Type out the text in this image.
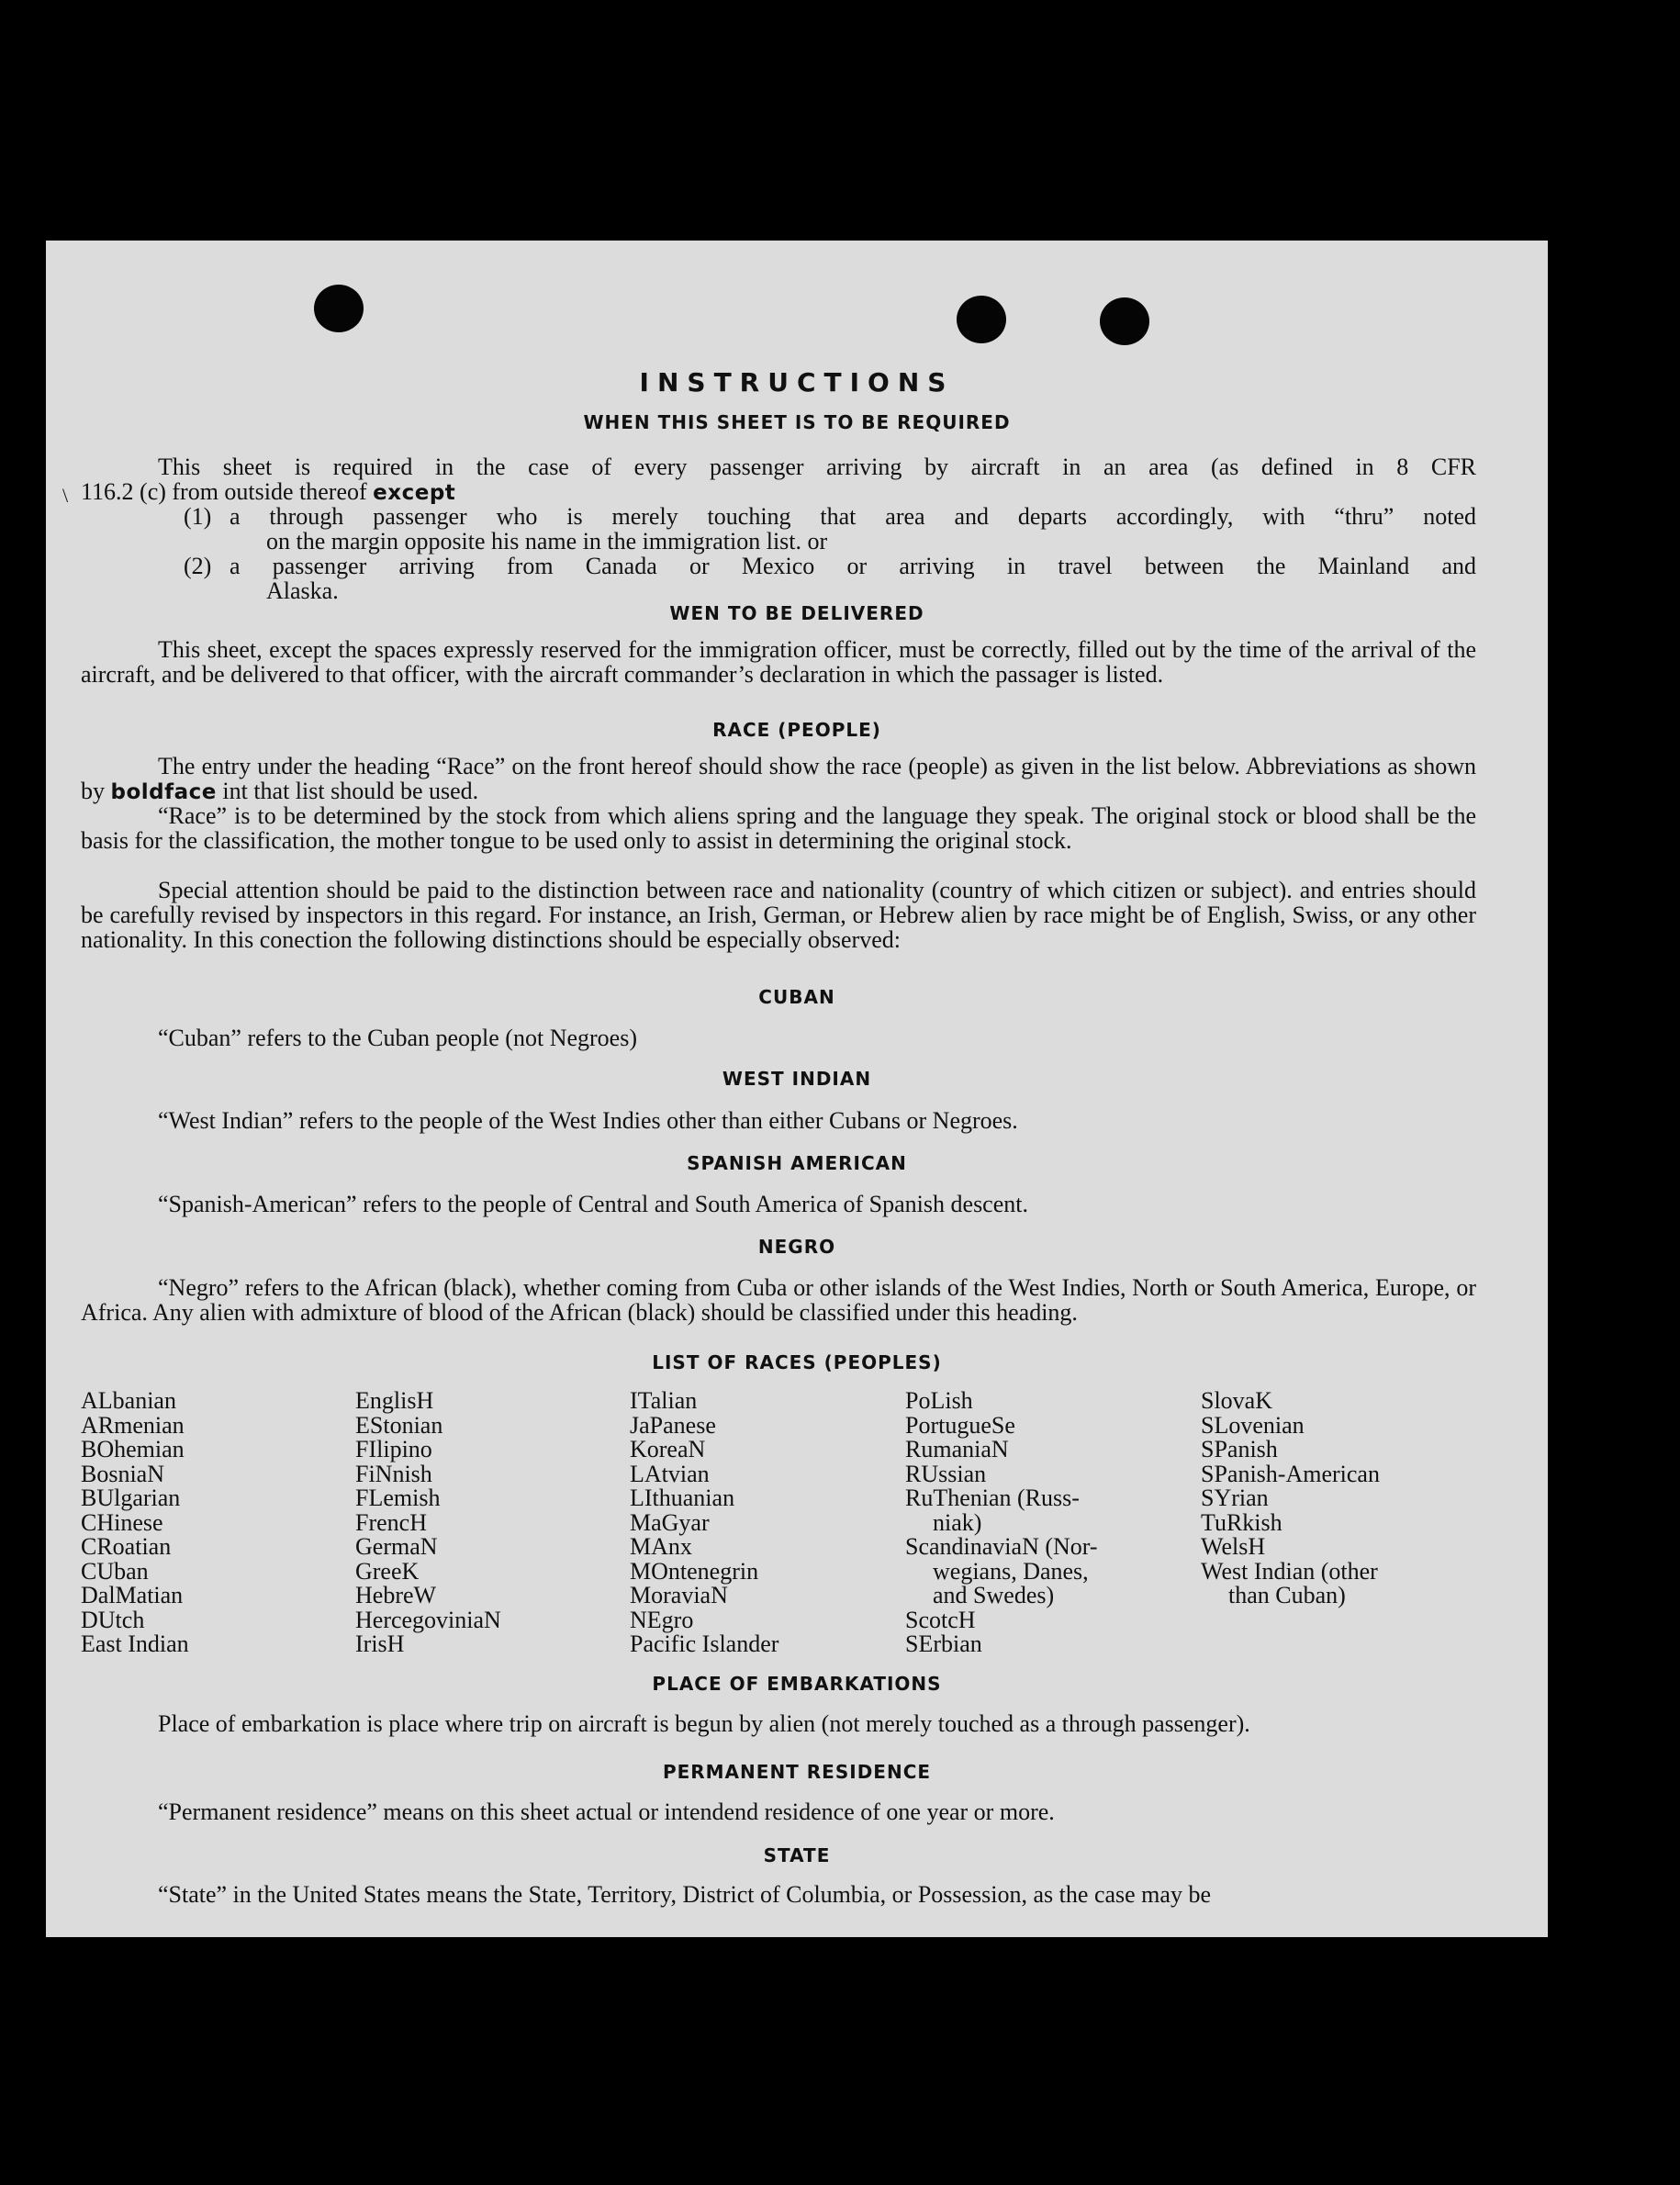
\
INSTRUCTIONS
WHEN THIS SHEET IS TO BE REQUIRED
This sheet is required in the case of every passenger arriving by aircraft in an area (as defined in 8 CFR
116.2 (c) from outside thereof except
(1) a through passenger who is merely touching that area and departs accordingly, with “thru” noted
on the margin opposite his name in the immigration list. or
(2) a passenger arriving from Canada or Mexico or arriving in travel between the Mainland and
Alaska.
WEN TO BE DELIVERED
This sheet, except the spaces expressly reserved for the immigration officer, must be correctly, filled out by the time of the arrival of the aircraft, and be delivered to that officer, with the aircraft commander’s declaration in which the passager is listed.
RACE (PEOPLE)
The entry under the heading “Race” on the front hereof should show the race (people) as given in the list below. Abbreviations as shown by boldface int that list should be used.
“Race” is to be determined by the stock from which aliens spring and the language they speak. The original stock or blood shall be the basis for the classification, the mother tongue to be used only to assist in determining the original stock.
Special attention should be paid to the distinction between race and nationality (country of which citizen or subject). and entries should be carefully revised by inspectors in this regard. For instance, an Irish, German, or Hebrew alien by race might be of English, Swiss, or any other nationality. In this conection the following distinctions should be especially observed:
CUBAN
“Cuban” refers to the Cuban people (not Negroes)
WEST INDIAN
“West Indian” refers to the people of the West Indies other than either Cubans or Negroes.
SPANISH AMERICAN
“Spanish-American” refers to the people of Central and South America of Spanish descent.
NEGRO
“Negro” refers to the African (black), whether coming from Cuba or other islands of the West Indies, North or South America, Europe, or Africa. Any alien with admixture of blood of the African (black) should be classified under this heading.
LIST OF RACES (PEOPLES)
ALbanian
ARmenian
BOhemian
BosniaN
BUlgarian
CHinese
CRoatian
CUban
DalMatian
DUtch
East Indian
EnglisH
EStonian
FIlipino
FiNnish
FLemish
FrencH
GermaN
GreeK
HebreW
HercegoviniaN
IrisH
ITalian
JaPanese
KoreaN
LAtvian
LIthuanian
MaGyar
MAnx
MOntenegrin
MoraviaN
NEgro
Pacific Islander
PoLish
PortugueSe
RumaniaN
RUssian
RuThenian (Russ-
niak)
ScandinaviaN (Nor-
wegians, Danes,
and Swedes)
ScotcH
SErbian
SlovaK
SLovenian
SPanish
SPanish-American
SYrian
TuRkish
WelsH
West Indian (other
than Cuban)
PLACE OF EMBARKATIONS
Place of embarkation is place where trip on aircraft is begun by alien (not merely touched as a through passenger).
PERMANENT RESIDENCE
“Permanent residence” means on this sheet actual or intendend residence of one year or more.
STATE
“State” in the United States means the State, Territory, District of Columbia, or Possession, as the case may be
